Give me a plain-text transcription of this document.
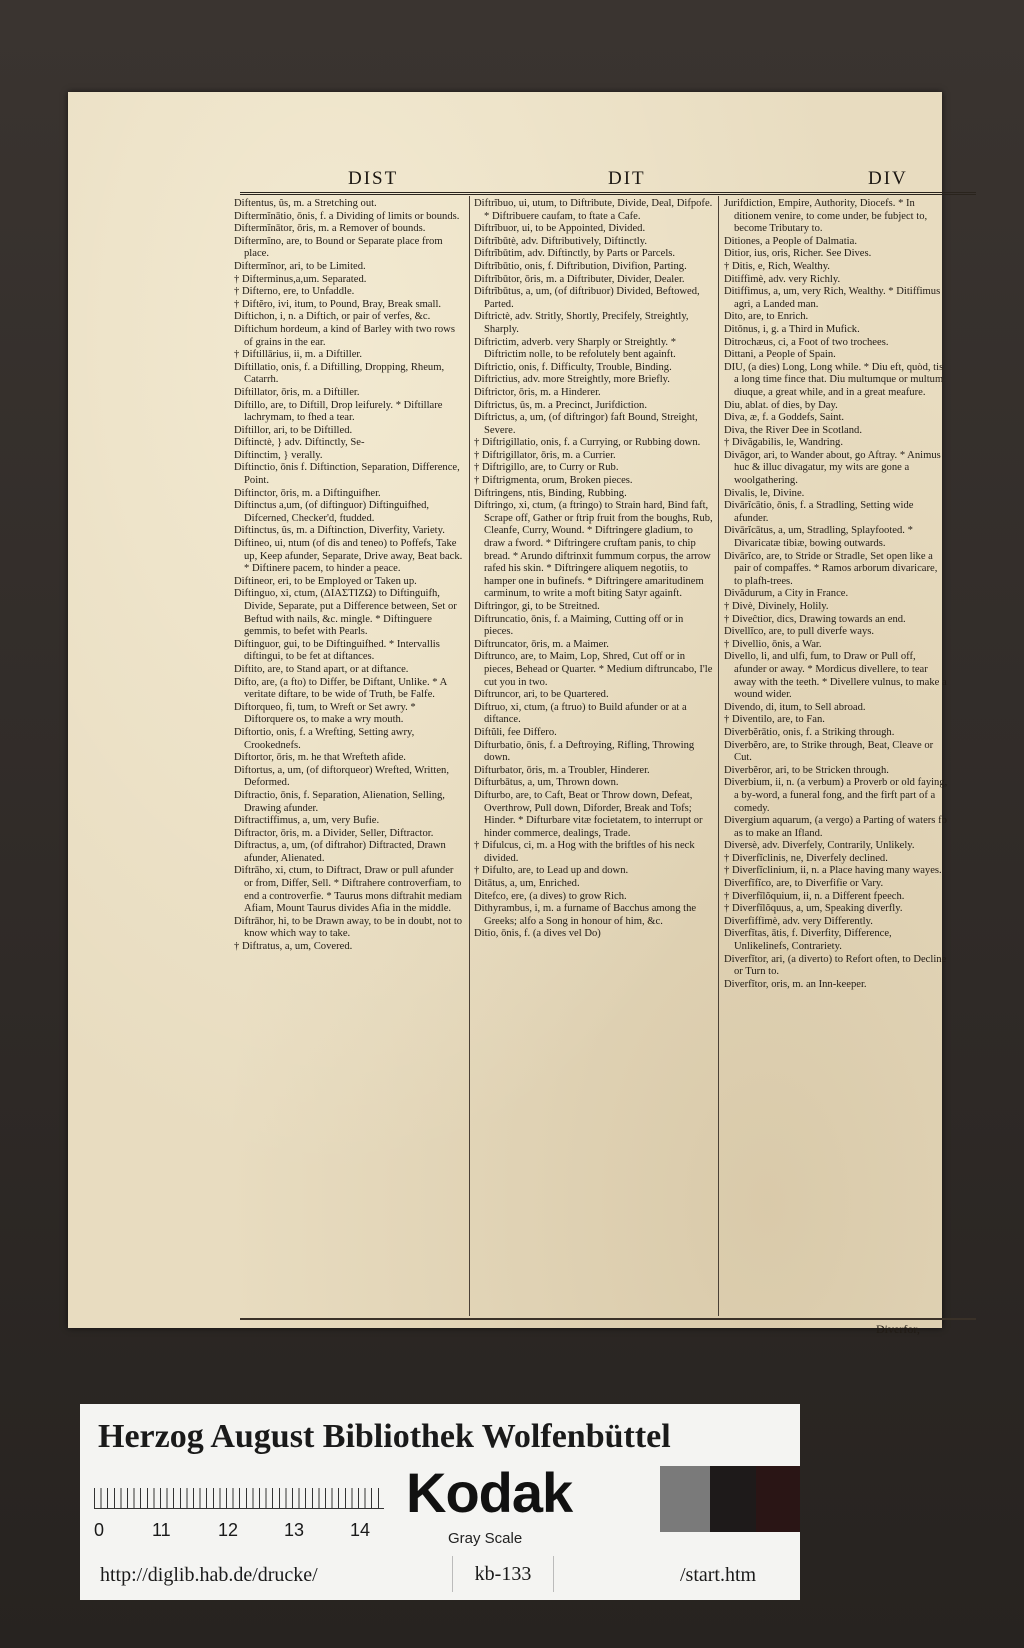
DIST	DIT	DIV

Diftentus, ûs, m. a Stretching out.

Diftermĭnātio, ōnis, f. a Dividing of limits or bounds.

Diftermĭnātor, ōris, m. a Remover of bounds.

Diftermĭno, are, to Bound or Separate place from place.

Diftermĭnor, ari, to be Limited.

† Difterminus,a,um. Separated.

† Difterno, ere, to Unfaddle.

† Diftĕro, ivi, itum, to Pound, Bray, Break small.

Diftichon, i, n. a Diftich, or pair of verfes, &c.

Diftichum hordeum, a kind of Barley with two rows of grains in the ear.

† Diftillārius, ii, m. a Diftiller.

Diftillatio, onis, f. a Diftilling, Dropping, Rheum, Catarrh.

Diftillator, ōris, m. a Diftiller.

Diftillo, are, to Diftill, Drop leifurely. * Diftillare lachrymam, to fhed a tear.

Diftillor, ari, to be Diftilled.

Diftinctè, } adv. Diftinctly, Se-

Diftinctim, } verally.

Diftinctio, ōnis f. Diftinction, Separation, Difference, Point.

Diftinctor, ōris, m. a Diftinguifher.

Diftinctus a,um, (of diftinguor) Diftinguifhed, Difcerned, Checker'd, ftudded.

Diftinctus, ûs, m. a Diftinction, Diverfity, Variety.

Diftineo, ui, ntum (of dis and teneo) to Poffefs, Take up, Keep afunder, Separate, Drive away, Beat back. * Diftinere pacem, to hinder a peace.

Diftineor, eri, to be Employed or Taken up.

Diftinguo, xi, ctum, (ΔΙΑΣΤΙΖΩ) to Diftinguifh, Divide, Separate, put a Difference between, Set or Beftud with nails, &c. mingle. * Diftinguere gemmis, to befet with Pearls.

Diftinguor, gui, to be Diftinguifhed. * Intervallis diftingui, to be fet at diftances.

Diftito, are, to Stand apart, or at diftance.

Difto, are, (a fto) to Differ, be Diftant, Unlike. * A veritate diftare, to be wide of Truth, be Falfe.

Diftorqueo, fi, tum, to Wreft or Set awry. * Diftorquere os, to make a wry mouth.

Diftortio, onis, f. a Wrefting, Setting awry, Crookednefs.

Diftortor, ōris, m. he that Wrefteth afide.

Diftortus, a, um, (of diftorqueor) Wrefted, Written, Deformed.

Diftractio, ōnis, f. Separation, Alienation, Selling, Drawing afunder.

Diftractiffimus, a, um, very Bufie.

Diftractor, ōris, m. a Divider, Seller, Diftractor.

Diftractus, a, um, (of diftrahor) Diftracted, Drawn afunder, Alienated.

Diftrāho, xi, ctum, to Diftract, Draw or pull afunder or from, Differ, Sell. * Diftrahere controverfiam, to end a controverfie. * Taurus mons diftrahit mediam Afiam, Mount Taurus divides Afia in the middle.

Diftrāhor, hi, to be Drawn away, to be in doubt, not to know which way to take.

† Diftratus, a, um, Covered.

Diftrĭbuo, ui, utum, to Diftribute, Divide, Deal, Difpofe. * Diftribuere caufam, to ftate a Cafe.

Diftrĭbuor, ui, to be Appointed, Divided.

Diftrĭbūtè, adv. Diftributively, Diftinctly.

Diftrĭbūtim, adv. Diftinctly, by Parts or Parcels.

Diftrĭbūtio, onis, f. Diftribution, Divifion, Parting.

Diftrĭbūtor, ōris, m. a Diftributer, Divider, Dealer.

Diftrĭbūtus, a, um, (of diftribuor) Divided, Beftowed, Parted.

Diftrictè, adv. Stritly, Shortly, Precifely, Streightly, Sharply.

Diftrictim, adverb. very Sharply or Streightly. * Diftrictim nolle, to be refolutely bent againft.

Diftrictio, onis, f. Difficulty, Trouble, Binding.

Diftrictius, adv. more Streightly, more Briefly.

Diftrictor, ōris, m. a Hinderer.

Diftrictus, ûs, m. a Precinct, Jurifdiction.

Diftrictus, a, um, (of diftringor) faft Bound, Streight, Severe.

† Diftrigillatio, onis, f. a Currying, or Rubbing down.

† Diftrigillator, ōris, m. a Currier.

† Diftrigillo, are, to Curry or Rub.

† Diftrigmenta, orum, Broken pieces.

Diftringens, ntis, Binding, Rubbing.

Diftringo, xi, ctum, (a ftringo) to Strain hard, Bind faft, Scrape off, Gather or ftrip fruit from the boughs, Rub, Cleanfe, Curry, Wound. * Diftringere gladium, to draw a fword. * Diftringere cruftam panis, to chip bread. * Arundo diftrinxit fummum corpus, the arrow rafed his skin. * Diftringere aliquem negotiis, to hamper one in bufinefs. * Diftringere amaritudinem carminum, to write a moft biting Satyr againft.

Diftringor, gi, to be Streitned.

Diftruncatio, ōnis, f. a Maiming, Cutting off or in pieces.

Diftruncator, ōris, m. a Maimer.

Diftrunco, are, to Maim, Lop, Shred, Cut off or in pieces, Behead or Quarter. * Medium diftruncabo, I'le cut you in two.

Diftruncor, ari, to be Quartered.

Diftruo, xi, ctum, (a ftruo) to Build afunder or at a diftance.

Diftŭli, fee Differo.

Difturbatio, ōnis, f. a Deftroying, Rifling, Throwing down.

Difturbator, ōris, m. a Troubler, Hinderer.

Difturbātus, a, um, Thrown down.

Difturbo, are, to Caft, Beat or Throw down, Defeat, Overthrow, Pull down, Diforder, Break and Tofs; Hinder. * Difturbare vitæ focietatem, to interrupt or hinder commerce, dealings, Trade.

† Difulcus, ci, m. a Hog with the briftles of his neck divided.

† Difulto, are, to Lead up and down.

Ditātus, a, um, Enriched.

Ditefco, ere, (a dives) to grow Rich.

Dithyrambus, i, m. a furname of Bacchus among the Greeks; alfo a Song in honour of him, &c.

Ditio, ōnis, f. (a dives vel Do)

Jurifdiction, Empire, Authority, Diocefs. * In ditionem venire, to come under, be fubject to, become Tributary to.

Ditiones, a People of Dalmatia.

Ditior, ius, oris, Richer. See Dives.

† Ditis, e, Rich, Wealthy.

Ditiffimè, adv. very Richly.

Ditiffimus, a, um, very Rich, Wealthy. * Ditiffimus agri, a Landed man.

Dito, are, to Enrich.

Ditŏnus, i, g. a Third in Mufick.

Ditrochæus, ci, a Foot of two trochees.

Dittani, a People of Spain.

DIU, (a dies) Long, Long while. * Diu eft, quòd, tis a long time fince that. Diu multumque or multum diuque, a great while, and in a great meafure.

Diu, ablat. of dies, by Day.

Diva, æ, f. a Goddefs, Saint.

Diva, the River Dee in Scotland.

† Divăgabilis, le, Wandring.

Divăgor, ari, to Wander about, go Aftray. * Animus huc & illuc divagatur, my wits are gone a woolgathering.

Divalis, le, Divine.

Divārĭcātio, ōnis, f. a Stradling, Setting wide afunder.

Divārĭcātus, a, um, Stradling, Splayfooted. * Divaricatæ tibiæ, bowing outwards.

Divārĭco, are, to Stride or Stradle, Set open like a pair of compaffes. * Ramos arborum divaricare, to plafh-trees.

Divădurum, a City in France.

† Divè, Divinely, Holily.

† Diveĉtior, dics, Drawing towards an end.

Divellĭco, are, to pull diverfe ways.

† Divellio, ōnis, a War.

Divello, li, and ulfi, fum, to Draw or Pull off, afunder or away. * Mordicus divellere, to tear away with the teeth. * Divellere vulnus, to make a wound wider.

Divendo, di, itum, to Sell abroad.

† Diventilo, are, to Fan.

Diverbĕrātio, onis, f. a Striking through.

Diverbĕro, are, to Strike through, Beat, Cleave or Cut.

Diverbĕror, ari, to be Stricken through.

Diverbium, ii, n. (a verbum) a Proverb or old faying, a by-word, a funeral fong, and the firft part of a comedy.

Divergium aquarum, (a vergo) a Parting of waters fo as to make an Ifland.

Diversè, adv. Diverfely, Contrarily, Unlikely.

† Diverfĭclinis, ne, Diverfely declined.

† Diverfĭclinium, ii, n. a Place having many wayes.

Diverfĭfĭco, are, to Diverfifie or Vary.

† Diverfĭlŏquium, ii, n. a Different fpeech.

† Diverfĭlŏquus, a, um, Speaking diverfly.

Diverfiffimè, adv. very Differently.

Diverfĭtas, ātis, f. Diverfity, Difference, Unlikelinefs, Contrariety.

Diverfĭtor, ari, (a diverto) to Refort often, to Decline or Turn to.

Diverfĭtor, oris, m. an Inn-keeper.

Diverfor,
Herzog August Bibliothek Wolfenbüttel
0	11	12	13	14
Kodak
Gray Scale
http://diglib.hab.de/drucke/	kb-133	/start.htm
